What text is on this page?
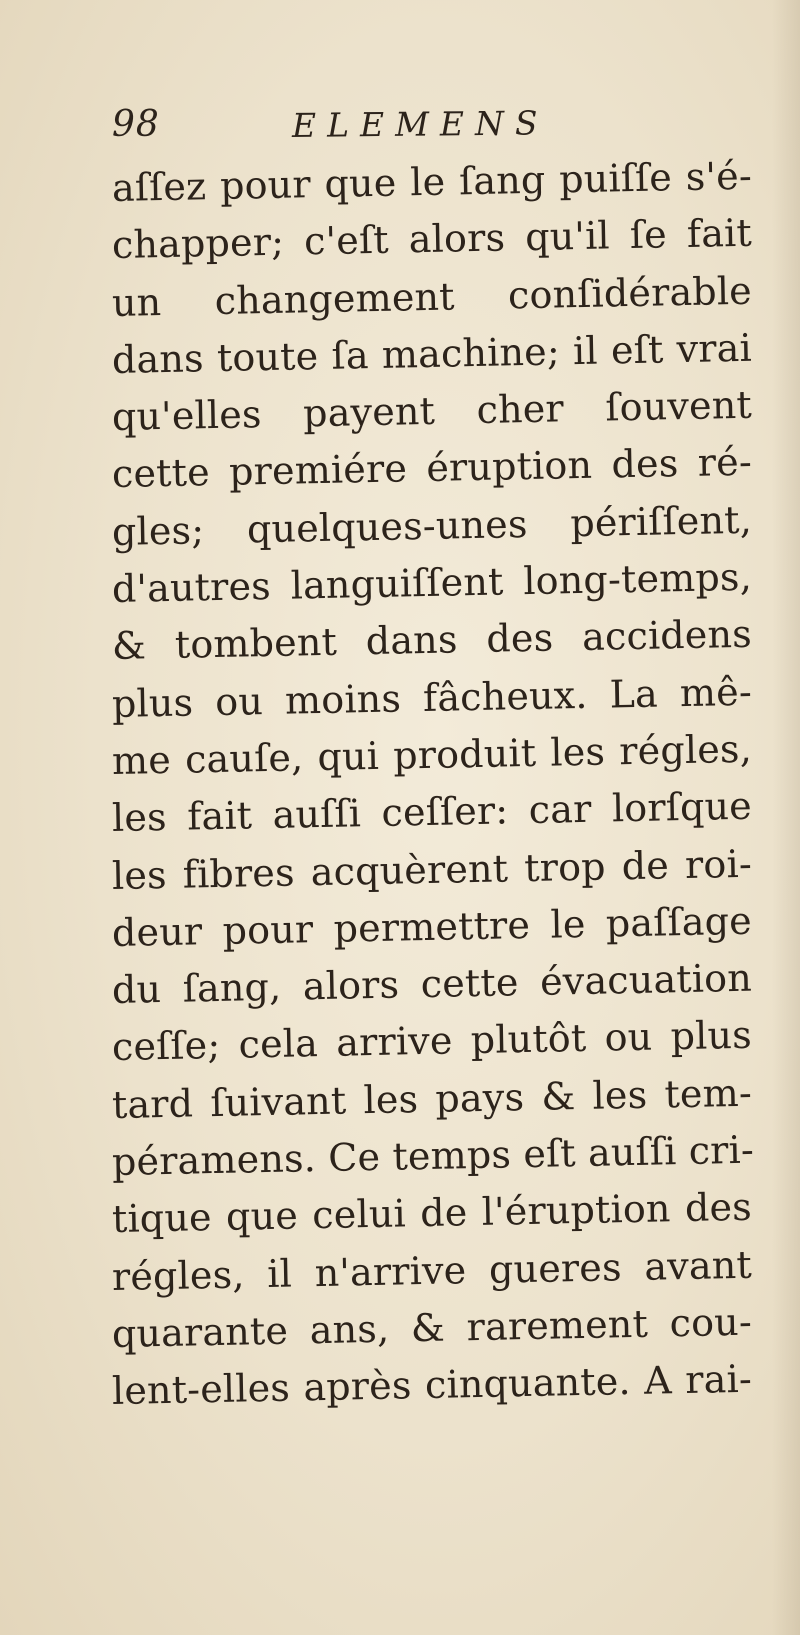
98	ELEMENS
aſſez pour que le ſang puiſſe s'é-
chapper; c'eſt alors qu'il ſe fait
un changement conſidérable
dans toute ſa machine; il eſt vrai
qu'elles payent cher ſouvent
cette premiére éruption des ré-
gles; quelques-unes périſſent,
d'autres languiſſent long-temps,
& tombent dans des accidens
plus ou moins fâcheux. La mê-
me cauſe, qui produit les régles,
les fait auſſi ceſſer: car lorſque
les fibres acquèrent trop de roi-
deur pour permettre le paſſage
du ſang, alors cette évacuation
ceſſe; cela arrive plutôt ou plus
tard ſuivant les pays & les tem-
péramens. Ce temps eſt auſſi cri-
tique que celui de l'éruption des
régles, il n'arrive gueres avant
quarante ans, & rarement cou-
lent-elles après cinquante. A rai-
